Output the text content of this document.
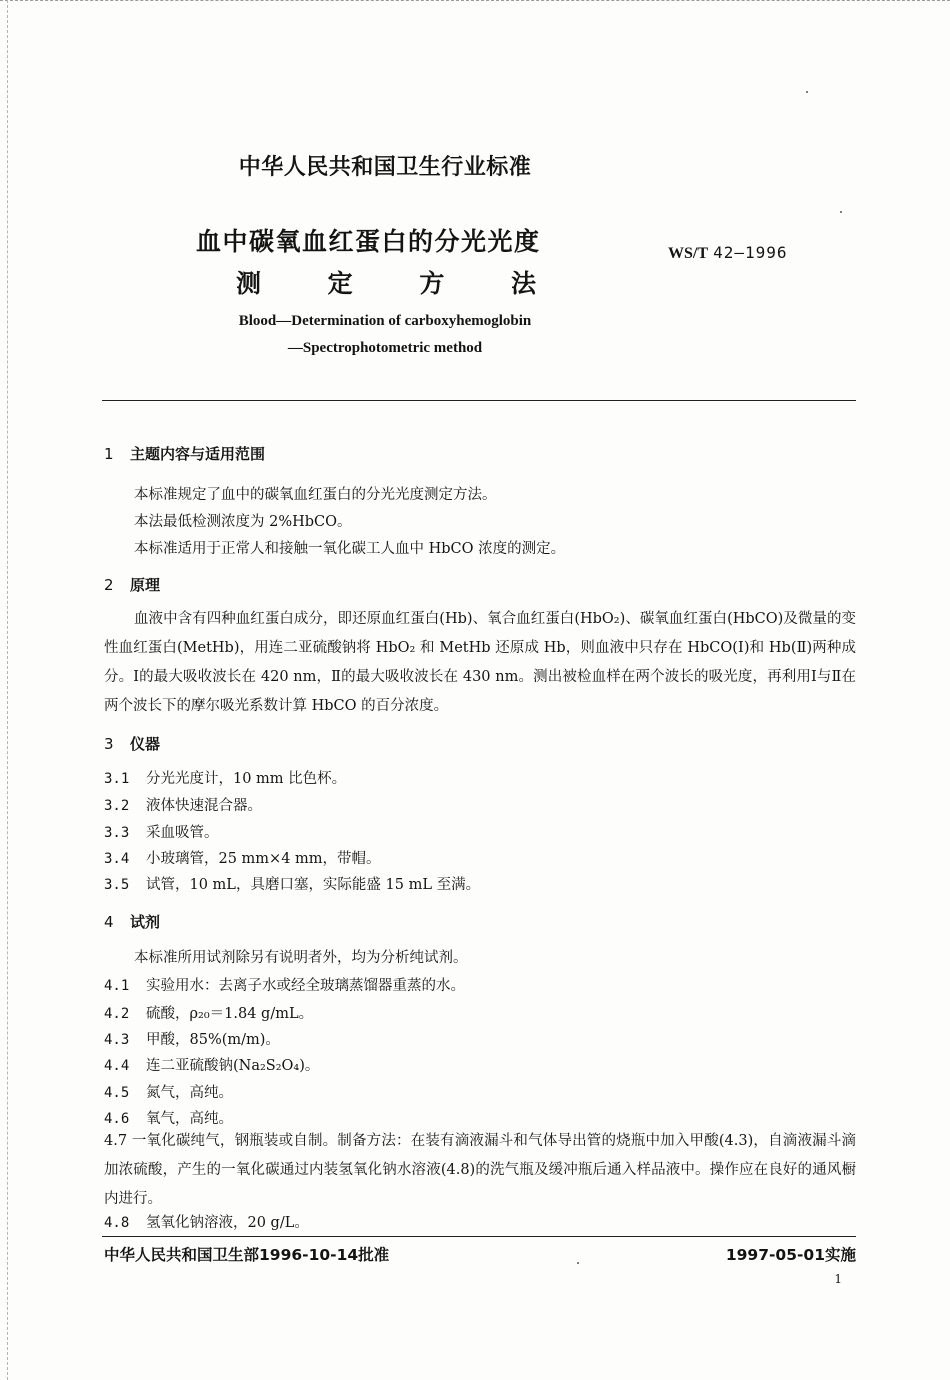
中华人民共和国卫生行业标准
血中碳氧血红蛋白的分光光度
测	定	方	法
WS/T 42—1996
Blood—Determination of carboxyhemoglobin
—Spectrophotometric method
1 主题内容与适用范围
本标准规定了血中的碳氧血红蛋白的分光光度测定方法。
本法最低检测浓度为 2%HbCO。
本标准适用于正常人和接触一氧化碳工人血中 HbCO 浓度的测定。
2 原理
血液中含有四种血红蛋白成分，即还原血红蛋白(Hb)、氧合血红蛋白(HbO₂)、碳氧血红蛋白(HbCO)及微量的变性血红蛋白(MetHb)，用连二亚硫酸钠将 HbO₂ 和 MetHb 还原成 Hb，则血液中只存在 HbCO(Ⅰ)和 Hb(Ⅱ)两种成分。Ⅰ的最大吸收波长在 420 nm，Ⅱ的最大吸收波长在 430 nm。测出被检血样在两个波长的吸光度，再利用Ⅰ与Ⅱ在两个波长下的摩尔吸光系数计算 HbCO 的百分浓度。
3 仪器
3.1 分光光度计，10 mm 比色杯。
3.2 液体快速混合器。
3.3 采血吸管。
3.4 小玻璃管，25 mm×4 mm，带帽。
3.5 试管，10 mL，具磨口塞，实际能盛 15 mL 至满。
4 试剂
本标准所用试剂除另有说明者外，均为分析纯试剂。
4.1 实验用水：去离子水或经全玻璃蒸馏器重蒸的水。
4.2 硫酸，ρ₂₀＝1.84 g/mL。
4.3 甲酸，85%(m/m)。
4.4 连二亚硫酸钠(Na₂S₂O₄)。
4.5 氮气，高纯。
4.6 氧气，高纯。
4.7 一氧化碳纯气，钢瓶装或自制。制备方法：在装有滴液漏斗和气体导出管的烧瓶中加入甲酸(4.3)，自滴液漏斗滴加浓硫酸，产生的一氧化碳通过内装氢氧化钠水溶液(4.8)的洗气瓶及缓冲瓶后通入样品液中。操作应在良好的通风橱内进行。
4.8 氢氧化钠溶液，20 g/L。
中华人民共和国卫生部1996-10-14批准	1997-05-01实施
1
